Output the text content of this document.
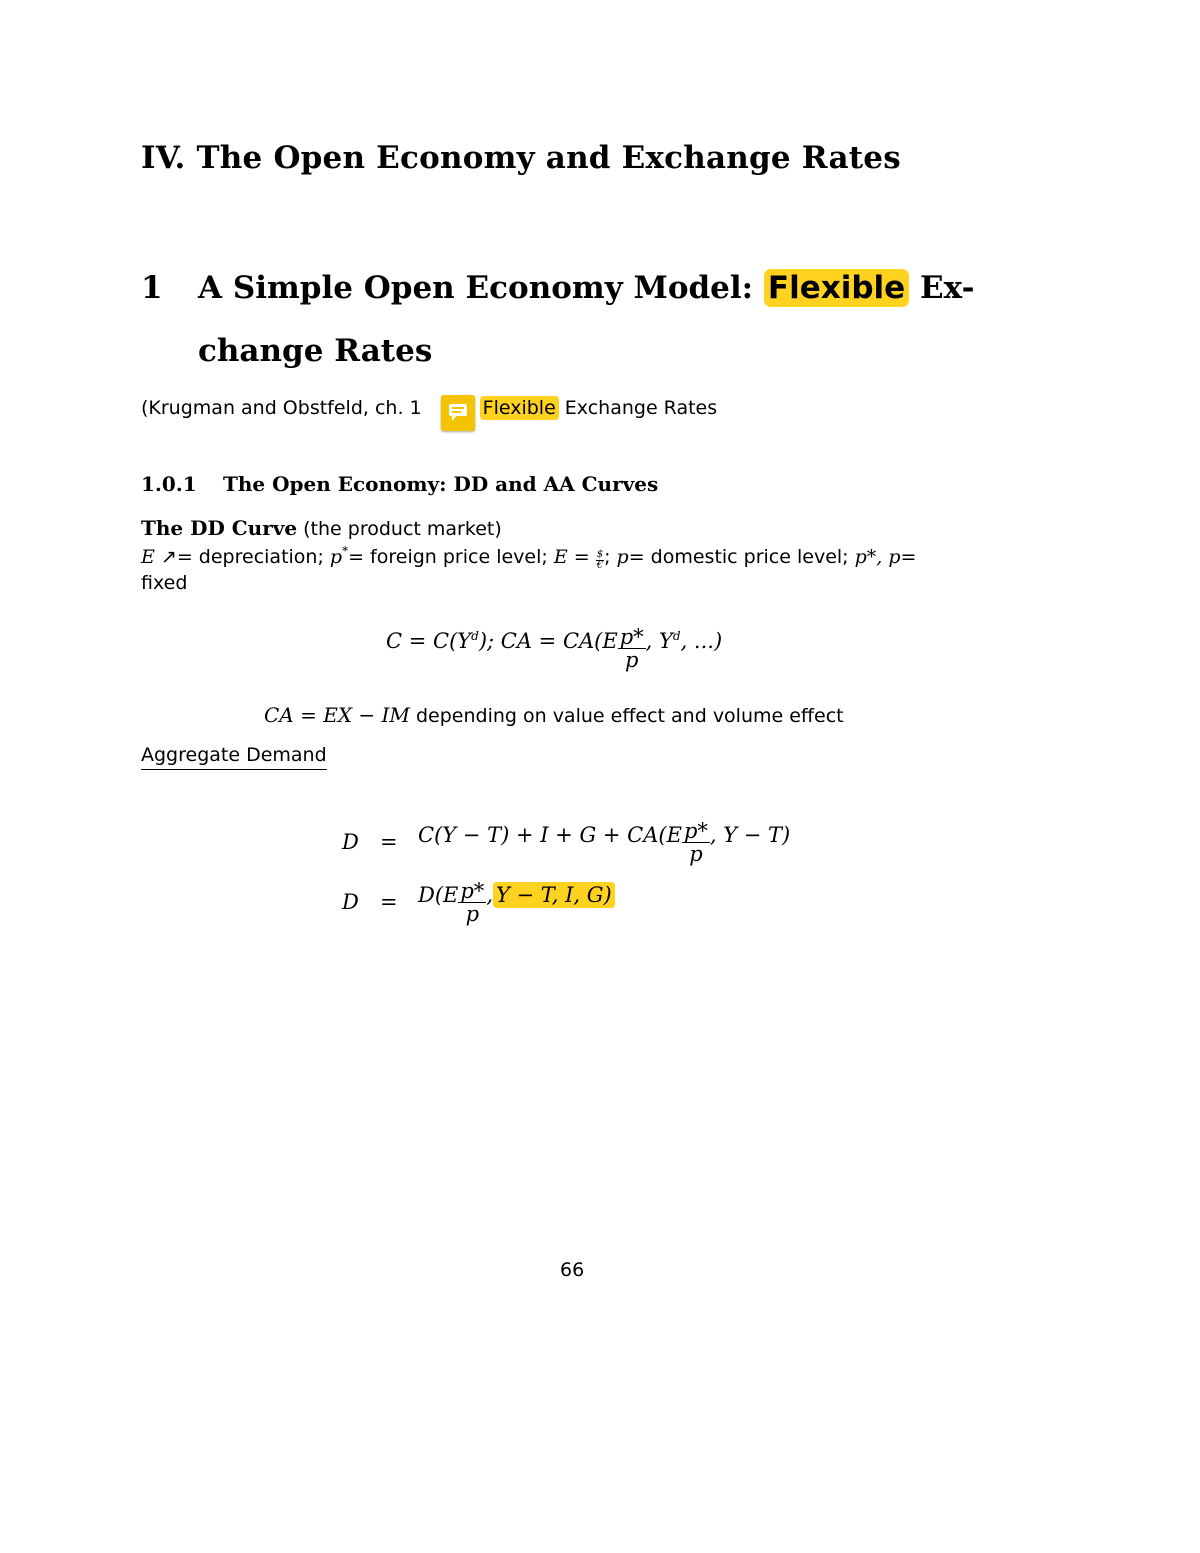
IV. The Open Economy and Exchange Rates
1 A Simple Open Economy Model: Flexible Ex-
change Rates
(Krugman and Obstfeld, ch. 1	Flexible Exchange Rates
1.0.1 The Open Economy: DD and AA Curves
The DD Curve (the product market)
E ↗= depreciation; p*= foreign price level; $E = \frac{\$}{€}$ ; p= domestic price level; p*, p=
fixed
$C = C(Y^d)$; CA = $CA(E \frac{p*}{p}$ , $Y^d$, ...)
CA = EX − IM depending on value effect and volume effect
Aggregate Demand
$D = C(Y - T) + I + G + CA(E \frac{p*}{p}$ , Y − T)
$D = D(E \frac{p*}{p}$ , Y − T, I, G)
66
